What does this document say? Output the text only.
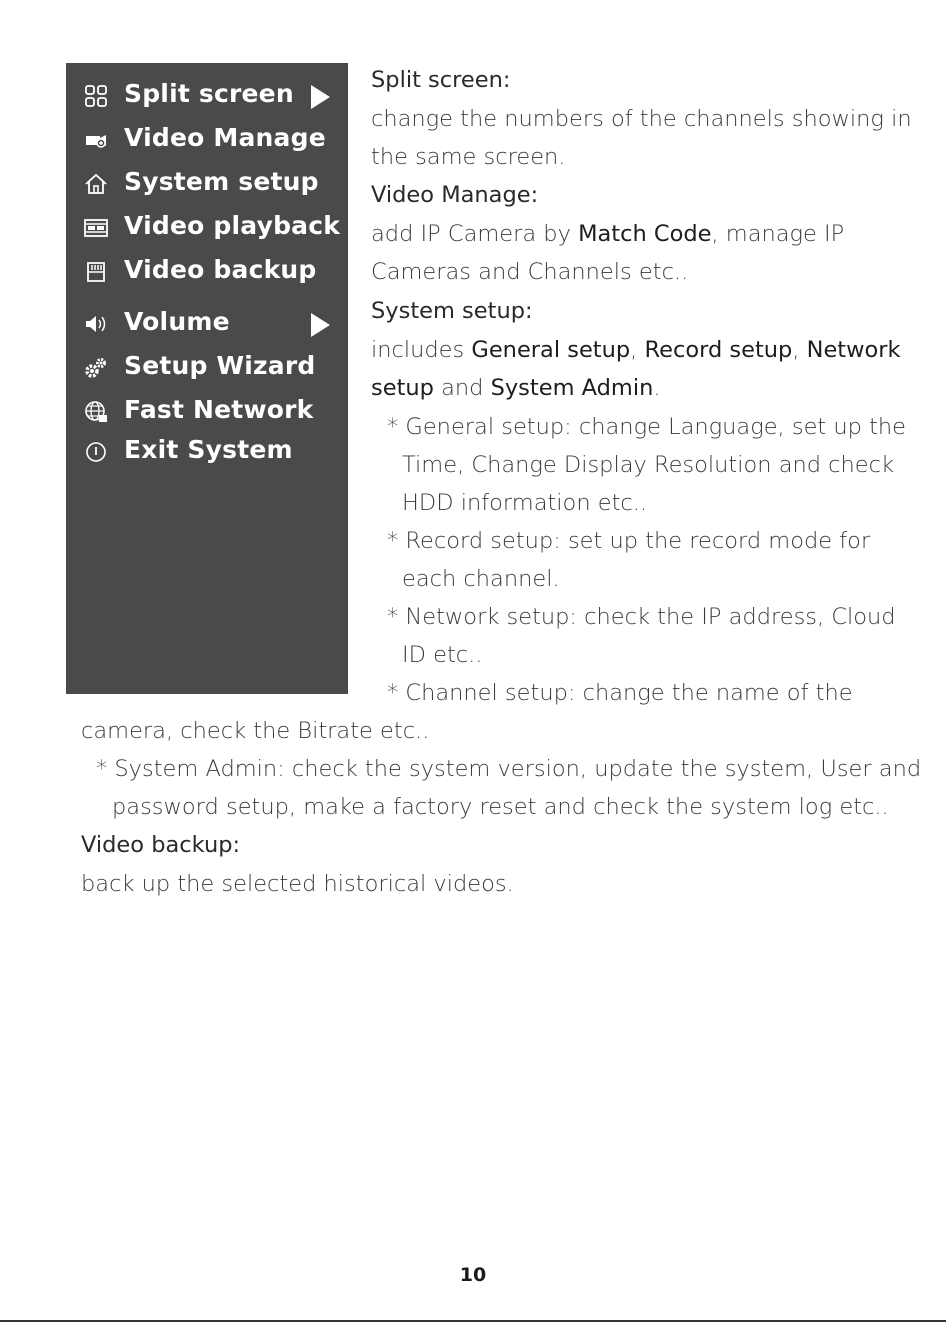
Split screen
Video Manage
System setup
Video playback
Video backup
Volume
Setup Wizard
Fast Network
Exit System
Split screen:
change the numbers of the channels showing in
the same screen.
Video Manage:
add IP Camera by Match Code, manage IP
Cameras and Channels etc..
System setup:
includes General setup, Record setup, Network
setup and System Admin.
* General setup: change Language, set up the
Time, Change Display Resolution and check
HDD information etc..
* Record setup: set up the record mode for
each channel.
* Network setup: check the IP address, Cloud
ID etc..
* Channel setup: change the name of the
camera, check the Bitrate etc..
* System Admin: check the system version, update the system, User and
password setup, make a factory reset and check the system log etc..
Video backup:
back up the selected historical videos.
10
